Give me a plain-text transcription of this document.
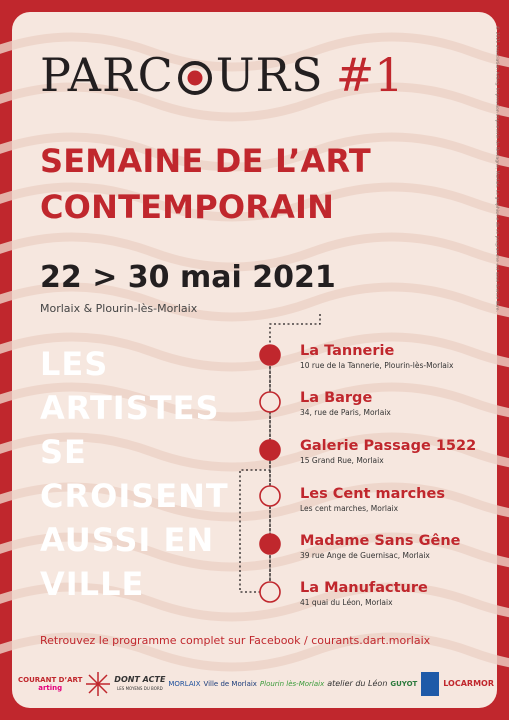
PARC URS #1
SEMAINE DE L’ART
CONTEMPORAIN
22 > 30 mai 2021
Morlaix & Plourin-lès-Morlaix
LES
ARTISTES
SE
CROISENT
AUSSI EN
VILLE
La Tannerie
10 rue de la Tannerie, Plourin-lès-Morlaix
La Barge
34, rue de Paris, Morlaix
Galerie Passage 1522
15 Grand Rue, Morlaix
Les Cent marches
Les cent marches, Morlaix
Madame Sans Gêne
39 rue Ange de Guernisac, Morlaix
La Manufacture
41 quai du Léon, Morlaix
Retrouvez le programme complet sur Facebook / courants.dart.morlaix
COURANT D’ART
arting
DONT ACTE
LES MOYENS DU BORD MORLAIX Ville de Morlaix Plourin lès-Morlaix atelier du Léon GUYOT	LOCARMOR
© 2021 association Arting. Impression Imprimerie de Bretagne, Morlaix. Le graphisme de ce programme est sous licence libre.
